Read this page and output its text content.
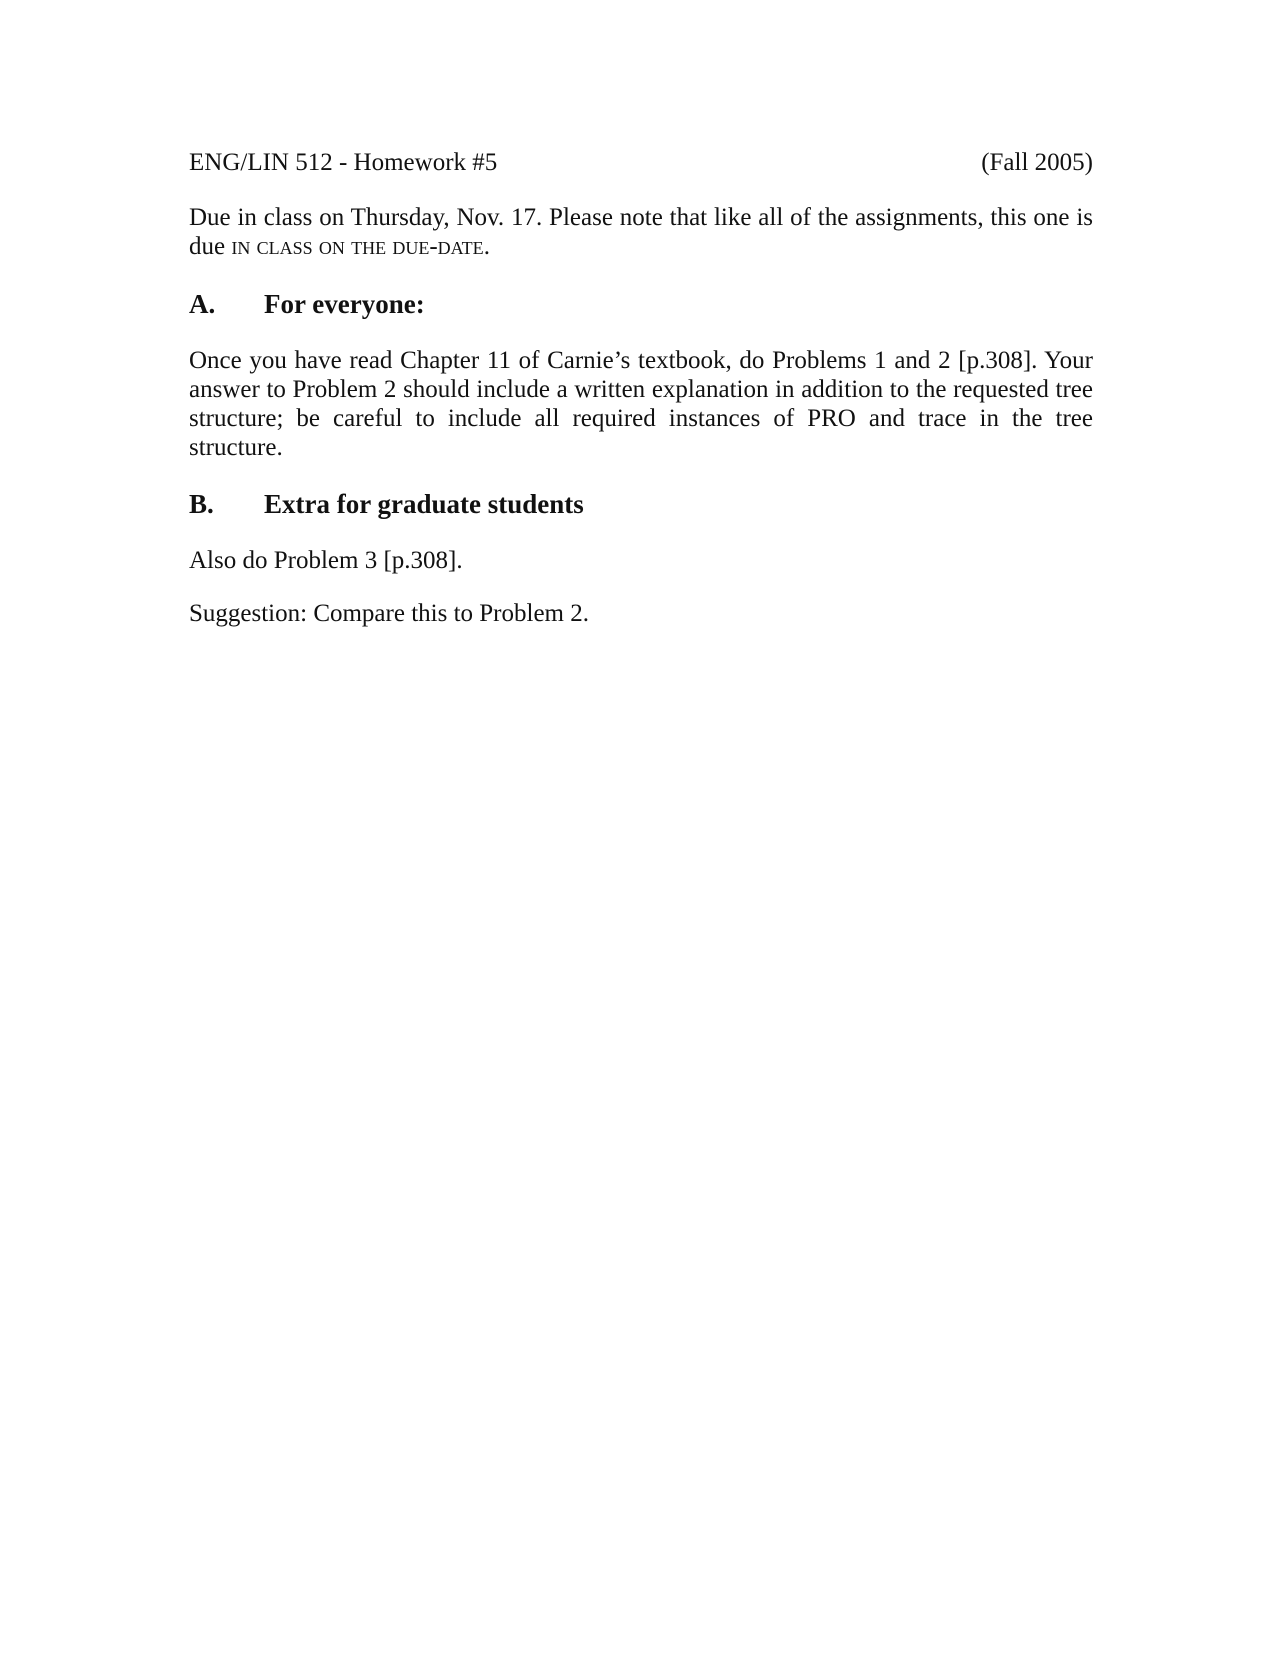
ENG/LIN 512 - Homework #5	(Fall 2005)

Due in class on Thursday, Nov. 17. Please note that like all of the assignments, this one is due in class on the due-date.

A.	For everyone:

Once you have read Chapter 11 of Carnie’s textbook, do Problems 1 and 2 [p.308]. Your answer to Problem 2 should include a written explanation in addition to the requested tree structure; be careful to include all required instances of PRO and trace in the tree structure.

B.	Extra for graduate students

Also do Problem 3 [p.308].

Suggestion: Compare this to Problem 2.
